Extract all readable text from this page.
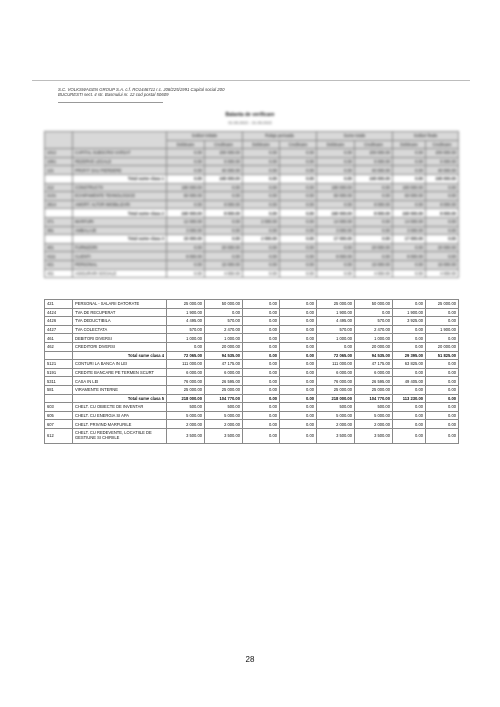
S.C. VOLKSWAGEN GROUP S.A. c.f. RO1446711 r.c. J08/225/1991 Capital social 200
BUCURESTI sect. 4 str. Basmului nr. 12 cod postal 50609
Balanta de verificare
01.05.2022 - 31.05.2022
		Solduri initiale		Rulaje perioada		Sume totale		Solduri finale	
		Debitoare	Creditoare	Debitoare	Creditoare	Debitoare	Creditoare	Debitoare	Creditoare
1012	CAPITAL SUBSCRIS VARSAT	0.00	200 000.00	0.00	0.00	0.00	200 000.00	0.00	200 000.00
1061	REZERVE LEGALE	0.00	5 000.00	0.00	0.00	0.00	5 000.00	0.00	5 000.00
121	PROFIT SAU PIERDERE	0.00	40 000.00	0.00	0.00	0.00	40 000.00	0.00	40 000.00
	Total sume clasa 1	0.00	245 000.00	0.00	0.00	0.00	245 000.00	0.00	245 000.00
212	CONSTRUCTII	180 000.00	0.00	0.00	0.00	180 000.00	0.00	180 000.00	0.00
2131	ECHIPAMENTE TEHNOLOGICE	60 000.00	0.00	0.00	0.00	60 000.00	0.00	60 000.00	0.00
2814	AMORT. ALTOR IMOBILIZARI	0.00	8 000.00	0.00	0.00	0.00	8 000.00	0.00	8 000.00
	Total sume clasa 2	240 000.00	8 000.00	0.00	0.00	240 000.00	8 000.00	240 000.00	8 000.00
371	MARFURI	12 000.00	0.00	2 000.00	0.00	14 000.00	0.00	14 000.00	0.00
381	AMBALAJE	3 000.00	0.00	0.00	0.00	3 000.00	0.00	3 000.00	0.00
	Total sume clasa 3	15 000.00	0.00	2 000.00	0.00	17 000.00	0.00	17 000.00	0.00
401	FURNIZORI	0.00	20 000.00	0.00	0.00	0.00	20 000.00	0.00	20 000.00
4111	CLIENTI	8 000.00	0.00	0.00	0.00	8 000.00	0.00	8 000.00	0.00
421	PERSONAL	0.00	15 000.00	0.00	0.00	0.00	15 000.00	0.00	15 000.00
431	ASIGURARI SOCIALE	0.00	4 000.00	0.00	0.00	0.00	4 000.00	0.00	4 000.00
421	PERSONAL - SALARII DATORATE	25 000.00	50 000.00	0.00	0.00	25 000.00	50 000.00	0.00	25 000.00
4424	TVA DE RECUPERAT	1 900.00	0.00	0.00	0.00	1 900.00	0.00	1 900.00	0.00
4426	TVA DEDUCTIBILA	4 495.00	570.00	0.00	0.00	4 495.00	570.00	3 925.00	0.00
4427	TVA COLECTATA	570.00	2 470.00	0.00	0.00	570.00	2 470.00	0.00	1 900.00
461	DEBITORI DIVERSI	1 000.00	1 000.00	0.00	0.00	1 000.00	1 000.00	0.00	0.00
462	CREDITORI DIVERSI	0.00	20 000.00	0.00	0.00	0.00	20 000.00	0.00	20 000.00
	Total sume clasa 4	72 065.00	94 535.00	0.00	0.00	72 065.00	94 535.00	29 395.00	51 825.00
5121	CONTURI LA BANCA IN LEI	111 000.00	47 175.00	0.00	0.00	111 000.00	47 175.00	63 825.00	0.00
5191	CREDITE BANCARE PE TERMEN SCURT	6 000.00	6 000.00	0.00	0.00	6 000.00	6 000.00	0.00	0.00
5311	CASA IN LEI	76 000.00	26 595.00	0.00	0.00	76 000.00	26 595.00	49 405.00	0.00
581	VIRAMENTE INTERNE	25 000.00	25 000.00	0.00	0.00	25 000.00	25 000.00	0.00	0.00
	Total sume clasa 5	218 000.00	104 770.00	0.00	0.00	218 000.00	104 770.00	113 230.00	0.00
603	CHELT. CU OBIECTE DE INVENTAR	500.00	500.00	0.00	0.00	500.00	500.00	0.00	0.00
605	CHELT. CU ENERGIA SI APA	5 000.00	5 000.00	0.00	0.00	5 000.00	5 000.00	0.00	0.00
607	CHELT. PRIVIND MARFURILE	2 000.00	2 000.00	0.00	0.00	2 000.00	2 000.00	0.00	0.00
612	CHELT. CU REDEVENTE, LOCATIILE DE GESTIUNE SI CHIRIILE	3 500.00	3 500.00	0.00	0.00	3 500.00	3 500.00	0.00	0.00
28
